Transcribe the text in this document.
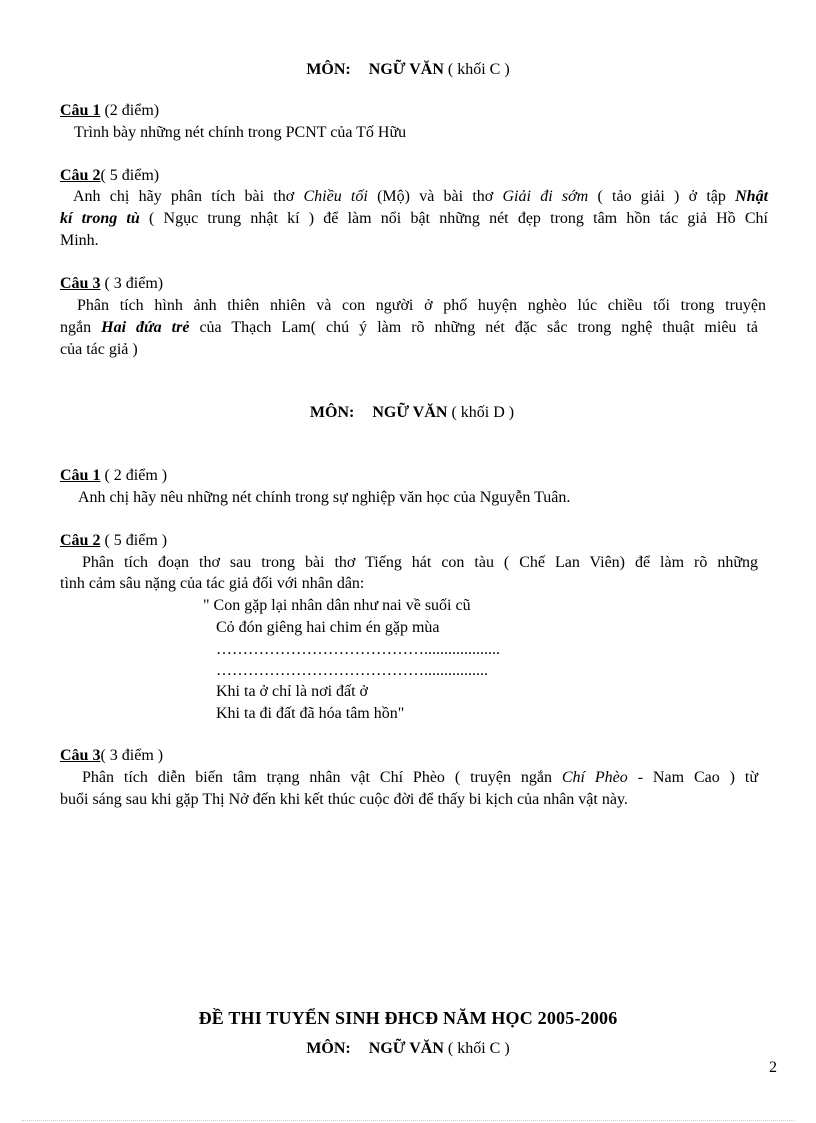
MÔN: NGỮ VĂN ( khối C )
Câu 1 (2 điểm)
Trình bày những nét chính trong PCNT của Tố Hữu
Câu 2( 5 điểm)
Anh chị hãy phân tích bài thơ Chiều tối (Mộ) và bài thơ Giải đi sớm ( tảo giải ) ở tập Nhật
kí trong tù ( Ngục trung nhật kí ) để làm nổi bật những nét đẹp trong tâm hồn tác giả Hồ Chí
Minh.
Câu 3 ( 3 điểm)
Phân tích hình ảnh thiên nhiên và con người ở phố huyện nghèo lúc chiều tối trong truyện
ngắn Hai đứa trẻ của Thạch Lam( chú ý làm rõ những nét đặc sắc trong nghệ thuật miêu tả
của tác giả )
MÔN: NGỮ VĂN ( khối D )
Câu 1 ( 2 điểm )
Anh chị hãy nêu những nét chính trong sự nghiệp văn học của Nguyễn Tuân.
Câu 2 ( 5 điểm )
Phân tích đoạn thơ sau trong bài thơ Tiếng hát con tàu ( Chế Lan Viên) để làm rõ những
tình cảm sâu nặng của tác giả đối với nhân dân:
" Con gặp lại nhân dân như nai về suối cũ
Cỏ đón giêng hai chim én gặp mùa
…………………………………...................
…………………………………................
Khi ta ở chỉ là nơi đất ở
Khi ta đi đất đã hóa tâm hồn"
Câu 3( 3 điểm )
Phân tích diễn biến tâm trạng nhân vật Chí Phèo ( truyện ngắn Chí Phèo - Nam Cao ) từ
buổi sáng sau khi gặp Thị Nở đến khi kết thúc cuộc đời để thấy bi kịch của nhân vật này.
ĐỀ THI TUYỂN SINH ĐHCĐ NĂM HỌC 2005-2006
MÔN: NGỮ VĂN ( khối C )
2
